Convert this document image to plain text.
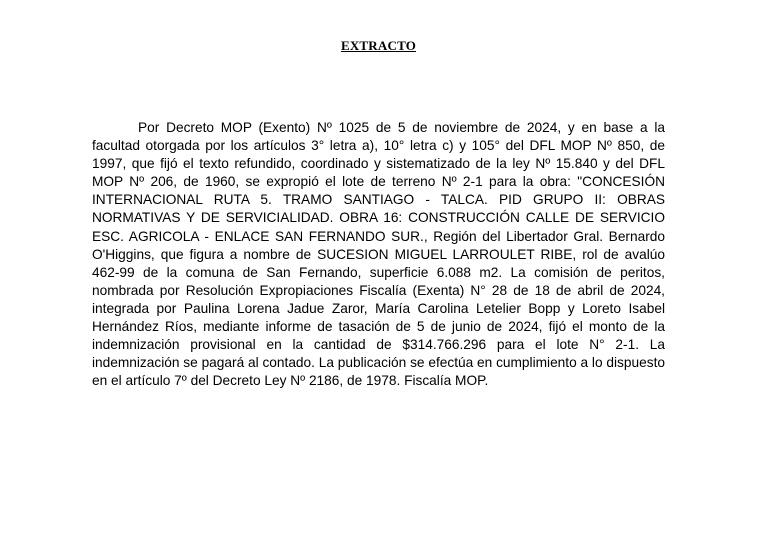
EXTRACTO

Por Decreto MOP (Exento) Nº 1025 de 5 de noviembre de 2024, y en base a la facultad otorgada por los artículos 3° letra a), 10° letra c) y 105° del DFL MOP Nº 850, de 1997, que fijó el texto refundido, coordinado y sistematizado de la ley Nº 15.840 y del DFL MOP Nº 206, de 1960, se expropió el lote de terreno Nº 2-1 para la obra: "CONCESIÓN INTERNACIONAL RUTA 5. TRAMO SANTIAGO - TALCA. PID GRUPO II: OBRAS NORMATIVAS Y DE SERVICIALIDAD. OBRA 16: CONSTRUCCIÓN CALLE DE SERVICIO ESC. AGRICOLA - ENLACE SAN FERNANDO SUR., Región del Libertador Gral. Bernardo O'Higgins, que figura a nombre de SUCESION MIGUEL LARROULET RIBE, rol de avalúo 462-99 de la comuna de San Fernando, superficie 6.088 m2. La comisión de peritos, nombrada por Resolución Expropiaciones Fiscalía (Exenta) N° 28 de 18 de abril de 2024, integrada por Paulina Lorena Jadue Zaror, María Carolina Letelier Bopp y Loreto Isabel Hernández Ríos, mediante informe de tasación de 5 de junio de 2024, fijó el monto de la indemnización provisional en la cantidad de $314.766.296 para el lote N° 2-1. La indemnización se pagará al contado. La publicación se efectúa en cumplimiento a lo dispuesto en el artículo 7º del Decreto Ley Nº 2186, de 1978. Fiscalía MOP.
